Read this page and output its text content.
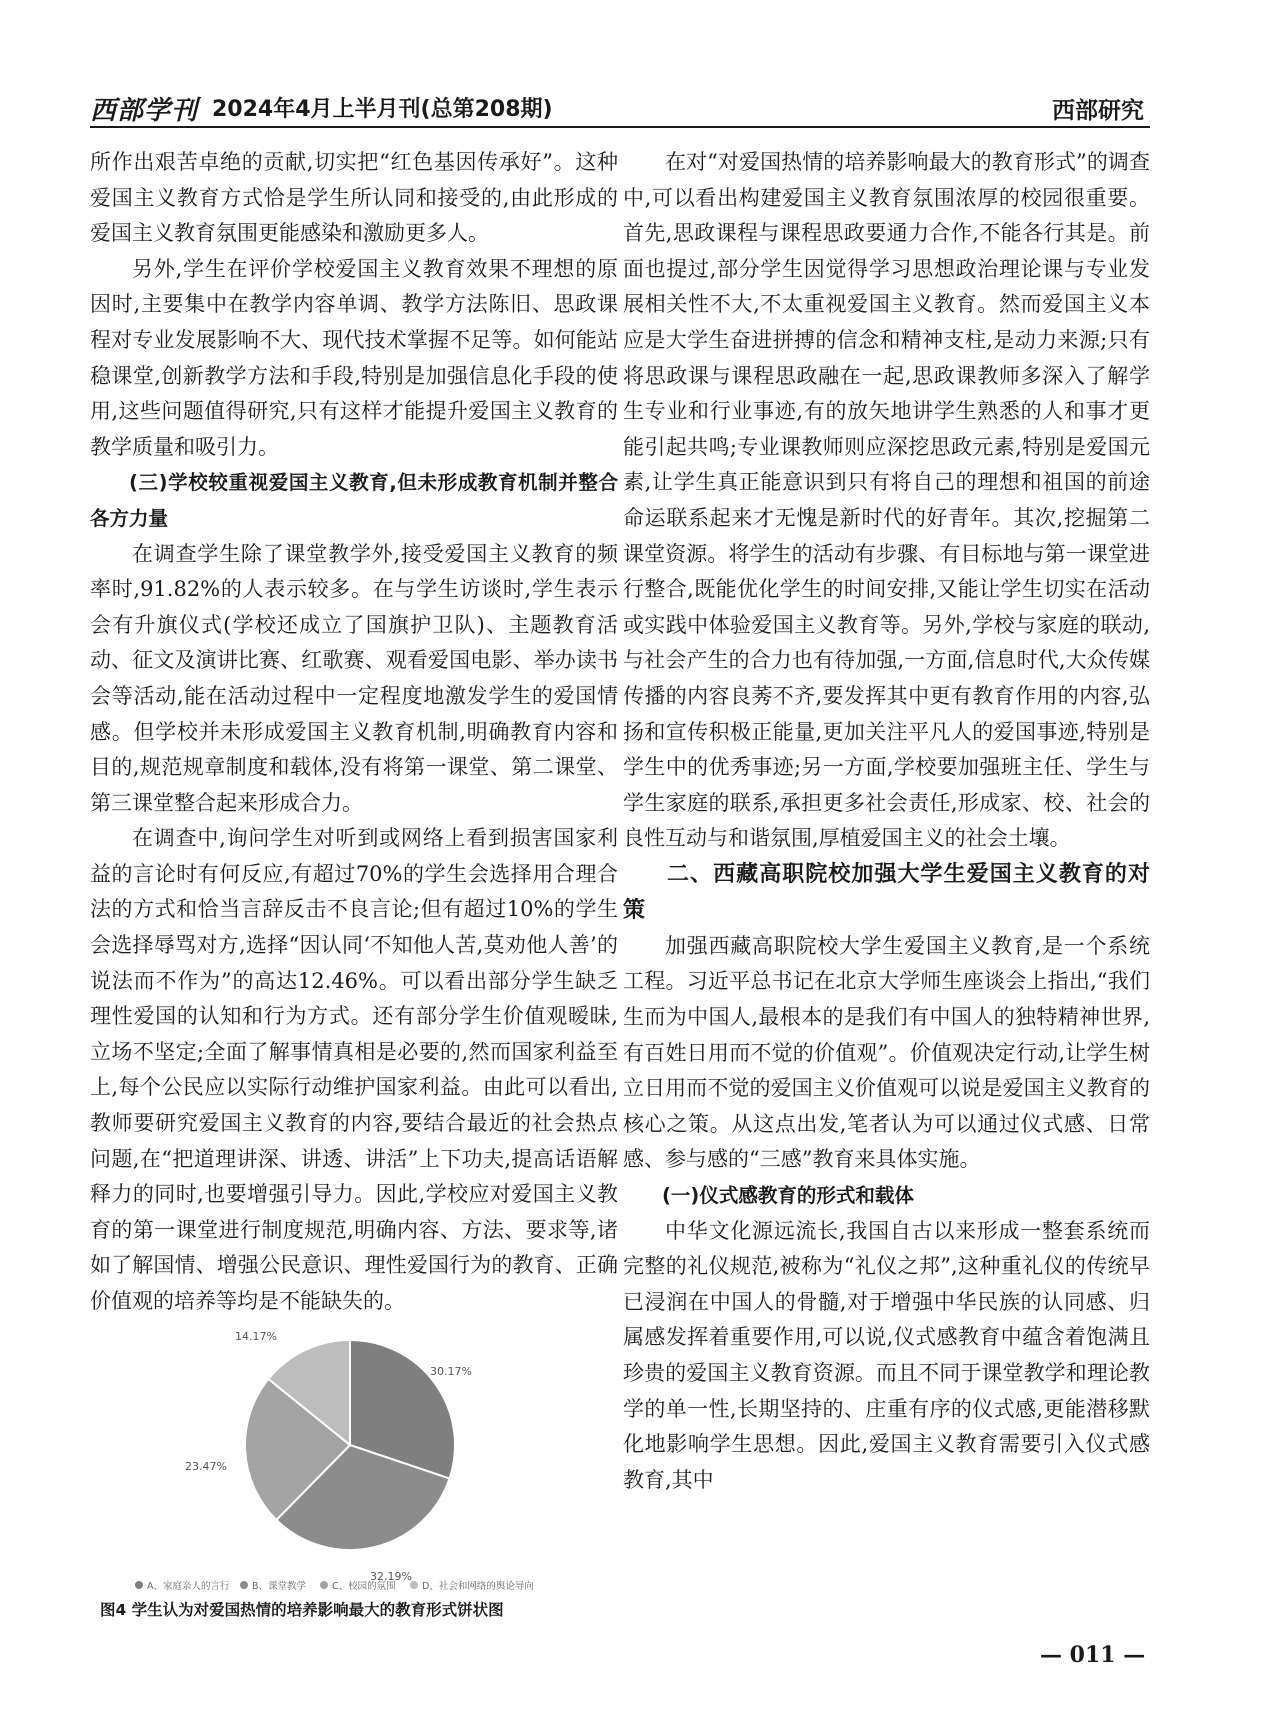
西部学刊 2024年4月上半月刊(总第208期)	西部研究

所作出艰苦卓绝的贡献,切实把“红色基因传承好”。这种爱国主义教育方式恰是学生所认同和接受的,由此形成的爱国主义教育氛围更能感染和激励更多人。

另外,学生在评价学校爱国主义教育效果不理想的原因时,主要集中在教学内容单调、教学方法陈旧、思政课程对专业发展影响不大、现代技术掌握不足等。如何能站稳课堂,创新教学方法和手段,特别是加强信息化手段的使用,这些问题值得研究,只有这样才能提升爱国主义教育的教学质量和吸引力。

(三)学校较重视爱国主义教育,但未形成教育机制并整合各方力量

在调查学生除了课堂教学外,接受爱国主义教育的频率时,91.82%的人表示较多。在与学生访谈时,学生表示会有升旗仪式(学校还成立了国旗护卫队)、主题教育活动、征文及演讲比赛、红歌赛、观看爱国电影、举办读书会等活动,能在活动过程中一定程度地激发学生的爱国情感。但学校并未形成爱国主义教育机制,明确教育内容和目的,规范规章制度和载体,没有将第一课堂、第二课堂、第三课堂整合起来形成合力。

在调查中,询问学生对听到或网络上看到损害国家利益的言论时有何反应,有超过70%的学生会选择用合理合法的方式和恰当言辞反击不良言论;但有超过10%的学生会选择辱骂对方,选择“因认同‘不知他人苦,莫劝他人善’的说法而不作为”的高达12.46%。可以看出部分学生缺乏理性爱国的认知和行为方式。还有部分学生价值观暧昧,立场不坚定;全面了解事情真相是必要的,然而国家利益至上,每个公民应以实际行动维护国家利益。由此可以看出,教师要研究爱国主义教育的内容,要结合最近的社会热点问题,在“把道理讲深、讲透、讲活”上下功夫,提高话语解释力的同时,也要增强引导力。因此,学校应对爱国主义教育的第一课堂进行制度规范,明确内容、方法、要求等,诸如了解国情、增强公民意识、理性爱国行为的教育、正确价值观的培养等均是不能缺失的。

在对“对爱国热情的培养影响最大的教育形式”的调查中,可以看出构建爱国主义教育氛围浓厚的校园很重要。首先,思政课程与课程思政要通力合作,不能各行其是。前面也提过,部分学生因觉得学习思想政治理论课与专业发展相关性不大,不太重视爱国主义教育。然而爱国主义本应是大学生奋进拼搏的信念和精神支柱,是动力来源;只有将思政课与课程思政融在一起,思政课教师多深入了解学生专业和行业事迹,有的放矢地讲学生熟悉的人和事才更能引起共鸣;专业课教师则应深挖思政元素,特别是爱国元素,让学生真正能意识到只有将自己的理想和祖国的前途命运联系起来才无愧是新时代的好青年。其次,挖掘第二课堂资源。将学生的活动有步骤、有目标地与第一课堂进行整合,既能优化学生的时间安排,又能让学生切实在活动或实践中体验爱国主义教育等。另外,学校与家庭的联动,与社会产生的合力也有待加强,一方面,信息时代,大众传媒传播的内容良莠不齐,要发挥其中更有教育作用的内容,弘扬和宣传积极正能量,更加关注平凡人的爱国事迹,特别是学生中的优秀事迹;另一方面,学校要加强班主任、学生与学生家庭的联系,承担更多社会责任,形成家、校、社会的良性互动与和谐氛围,厚植爱国主义的社会土壤。

二、西藏高职院校加强大学生爱国主义教育的对策

加强西藏高职院校大学生爱国主义教育,是一个系统工程。习近平总书记在北京大学师生座谈会上指出,“我们生而为中国人,最根本的是我们有中国人的独特精神世界,有百姓日用而不觉的价值观”。价值观决定行动,让学生树立日用而不觉的爱国主义价值观可以说是爱国主义教育的核心之策。从这点出发,笔者认为可以通过仪式感、日常感、参与感的“三感”教育来具体实施。

(一)仪式感教育的形式和载体

中华文化源远流长,我国自古以来形成一整套系统而完整的礼仪规范,被称为“礼仪之邦”,这种重礼仪的传统早已浸润在中国人的骨髓,对于增强中华民族的认同感、归属感发挥着重要作用,可以说,仪式感教育中蕴含着饱满且珍贵的爱国主义教育资源。而且不同于课堂教学和理论教学的单一性,长期坚持的、庄重有序的仪式感,更能潜移默化地影响学生思想。因此,爱国主义教育需要引入仪式感教育,其中

30.17%
32.19%
23.47%
14.17%
A、家庭亲人的言行 B、课堂教学	C、校园的氛围	D、社会和网络的舆论导向
图4 学生认为对爱国热情的培养影响最大的教育形式饼状图
— 011 —
